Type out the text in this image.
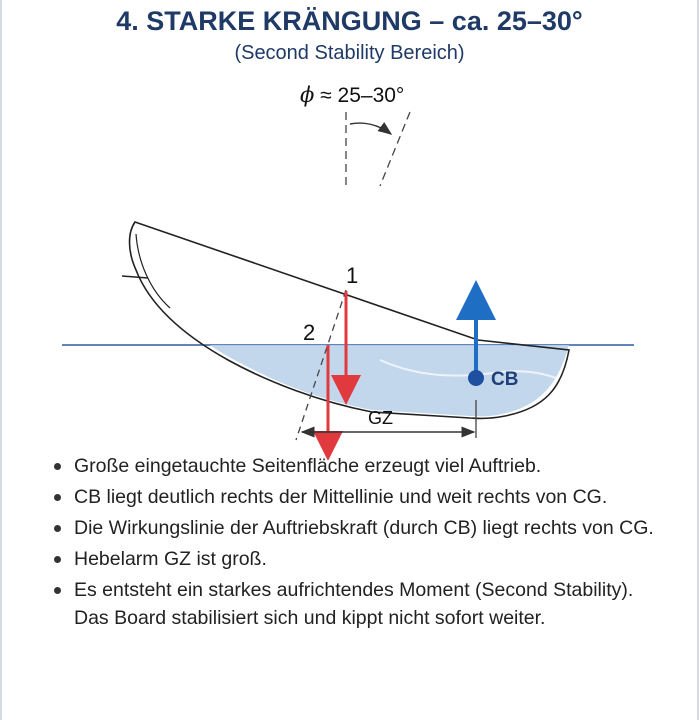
4. STARKE KRÄNGUNG – ca. 25–30°
(Second Stability Bereich)
ϕ ≈ 25–30°
1
2
CB
GZ
Große eingetauchte Seitenfläche erzeugt viel Auftrieb.
CB liegt deutlich rechts der Mittellinie und weit rechts von CG.
Die Wirkungslinie der Auftriebskraft (durch CB) liegt rechts von CG.
Hebelarm GZ ist groß.
Es entsteht ein starkes aufrichtendes Moment (Second Stability). Das Board stabilisiert sich und kippt nicht sofort weiter.
